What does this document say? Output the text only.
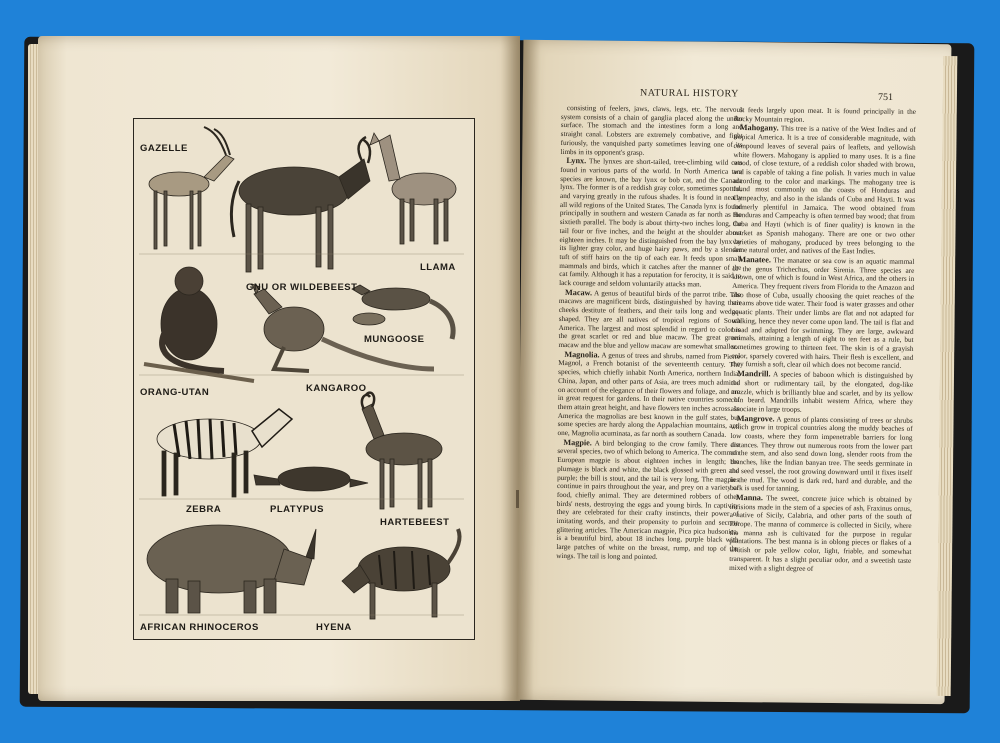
GAZELLE
GNU OR WILDEBEEST
LLAMA
ORANG-UTAN	KANGAROO
MUNGOOSE
ZEBRA	PLATYPUS
HARTEBEEST
AFRICAN RHINOCEROS	HYENA
NATURAL HISTORY	751

consisting of feelers, jaws, claws, legs, etc. The nervous system consists of a chain of ganglia placed along the under surface. The stomach and the intestines form a long and straight canal. Lobsters are extremely combative, and fight furiously, the vanquished party sometimes leaving one of its limbs in its opponent's grasp.

Lynx. The lynxes are short-tailed, tree-climbing wild cats found in various parts of the world. In North America two species are known, the bay lynx or bob cat, and the Canada lynx. The former is of a reddish gray color, sometimes spotted, and varying greatly in the rufous shades. It is found in nearly all wild regions of the United States. The Canada lynx is found principally in southern and western Canada as far north as the sixtieth parallel. The body is about thirty-two inches long, the tail four or five inches, and the height at the shoulder about eighteen inches. It may be distinguished from the bay lynx by its lighter gray color, and huge hairy paws, and by a slender tuft of stiff hairs on the tip of each ear. It feeds upon small mammals and birds, which it catches after the manner of the cat family. Although it has a reputation for ferocity, it is said to lack courage and seldom voluntarily attacks man.

Macaw. A genus of beautiful birds of the parrot tribe. The macaws are magnificent birds, distinguished by having their cheeks destitute of feathers, and their tails long and wedge-shaped. They are all natives of tropical regions of South America. The largest and most splendid in regard to color is the great scarlet or red and blue macaw. The great green macaw and the blue and yellow macaw are somewhat smaller.

Magnolia. A genus of trees and shrubs, named from Pierre Magnol, a French botanist of the seventeenth century. The species, which chiefly inhabit North America, northern India, China, Japan, and other parts of Asia, are trees much admired on account of the elegance of their flowers and foliage, and are in great request for gardens. In their native countries some of them attain great height, and have flowers ten inches across. In America the magnolias are best known in the gulf states, but some species are hardy along the Appalachian mountains, and one, Magnolia acuminata, as far north as southern Canada.

Magpie. A bird belonging to the crow family. There are several species, two of which belong to America. The common European magpie is about eighteen inches in length; the plumage is black and white, the black glossed with green and purple; the bill is stout, and the tail is very long. The magpies continue in pairs throughout the year, and prey on a variety of food, chiefly animal. They are determined robbers of other birds' nests, destroying the eggs and young birds. In captivity they are celebrated for their crafty instincts, their power of imitating words, and their propensity to purloin and secrete glittering articles. The American magpie, Pica pica hudsonica, is a beautiful bird, about 18 inches long, purple black with large patches of white on the breast, rump, and top of the wings. The tail is long and pointed.

It feeds largely upon meat. It is found principally in the Rocky Mountain region.

Mahogany. This tree is a native of the West Indies and of tropical America. It is a tree of considerable magnitude, with compound leaves of several pairs of leaflets, and yellowish white flowers. Mahogany is applied to many uses. It is a fine wood, of close texture, of a reddish color shaded with brown, and is capable of taking a fine polish. It varies much in value according to the color and markings. The mahogany tree is found most commonly on the coasts of Honduras and Campeachy, and also in the islands of Cuba and Hayti. It was formerly plentiful in Jamaica. The wood obtained from Honduras and Campeachy is often termed bay wood; that from Cuba and Hayti (which is of finer quality) is known in the market as Spanish mahogany. There are one or two other varieties of mahogany, produced by trees belonging to the same natural order, and natives of the East Indies.

Manatee. The manatee or sea cow is an aquatic mammal of the genus Trichechus, order Sirenia. Three species are known, one of which is found in West Africa, and the others in America. They frequent rivers from Florida to the Amazon and also those of Cuba, usually choosing the quiet reaches of the streams above tide water. Their food is water grasses and other aquatic plants. Their under limbs are flat and not adapted for walking, hence they never come upon land. The tail is flat and broad and adapted for swimming. They are large, awkward animals, attaining a length of eight to ten feet as a rule, but sometimes growing to thirteen feet. The skin is of a grayish color, sparsely covered with hairs. Their flesh is excellent, and they furnish a soft, clear oil which does not become rancid.

Mandrill. A species of baboon which is distinguished by the short or rudimentary tail, by the elongated, dog-like muzzle, which is brilliantly blue and scarlet, and by its yellow chin beard. Mandrills inhabit western Africa, where they associate in large troops.

Mangrove. A genus of plants consisting of trees or shrubs which grow in tropical countries along the muddy beaches of low coasts, where they form impenetrable barriers for long distances. They throw out numerous roots from the lower part of the stem, and also send down long, slender roots from the branches, like the Indian banyan tree. The seeds germinate in the seed vessel, the root growing downward until it fixes itself in the mud. The wood is dark red, hard and durable, and the bark is used for tanning.

Manna. The sweet, concrete juice which is obtained by incisions made in the stem of a species of ash, Fraxinus ornus, a native of Sicily, Calabria, and other parts of the south of Europe. The manna of commerce is collected in Sicily, where the manna ash is cultivated for the purpose in regular plantations. The best manna is in oblong pieces or flakes of a whitish or pale yellow color, light, friable, and somewhat transparent. It has a slight peculiar odor, and a sweetish taste mixed with a slight degree of
